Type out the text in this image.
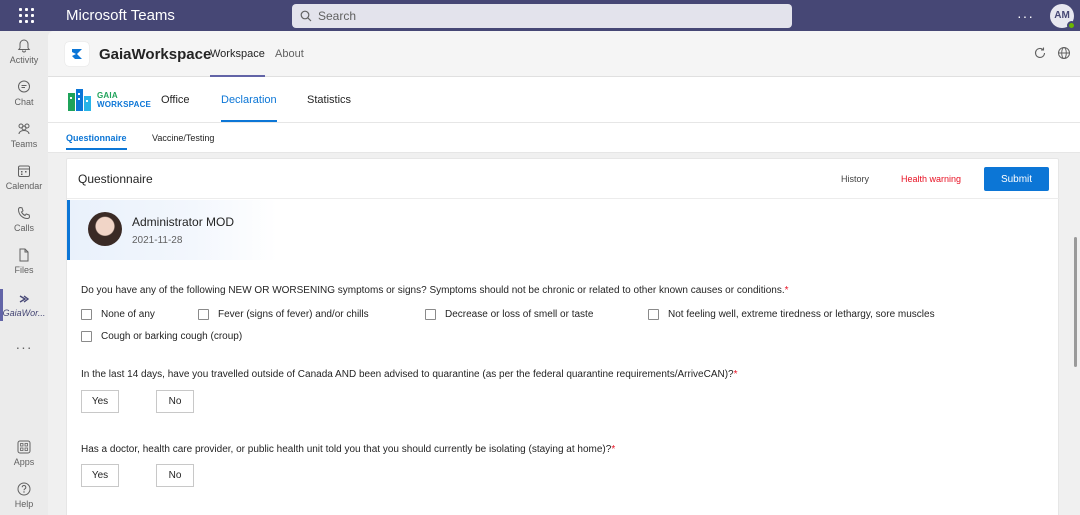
Microsoft Teams	Search	··· AM
Activity
Chat
Teams
Calendar
Calls
Files
GaiaWor...
···
Apps
Help
GaiaWorkspace
Workspace About
GAIA
WORKSPACE Office	Declaration	Statistics
Questionnaire	Vaccine/Testing
Questionnaire	History	Health warning	Submit
Administrator MOD
2021-11-28
Do you have any of the following NEW OR WORSENING symptoms or signs? Symptoms should not be chronic or related to other known causes or conditions.*
None of any	Fever (signs of fever) and/or chills	Decrease or loss of smell or taste	Not feeling well, extreme tiredness or lethargy, sore muscles
Cough or barking cough (croup)
In the last 14 days, have you travelled outside of Canada AND been advised to quarantine (as per the federal quarantine requirements/ArriveCAN)?*
Yes	No
Has a doctor, health care provider, or public health unit told you that you should currently be isolating (staying at home)?*
Yes	No
